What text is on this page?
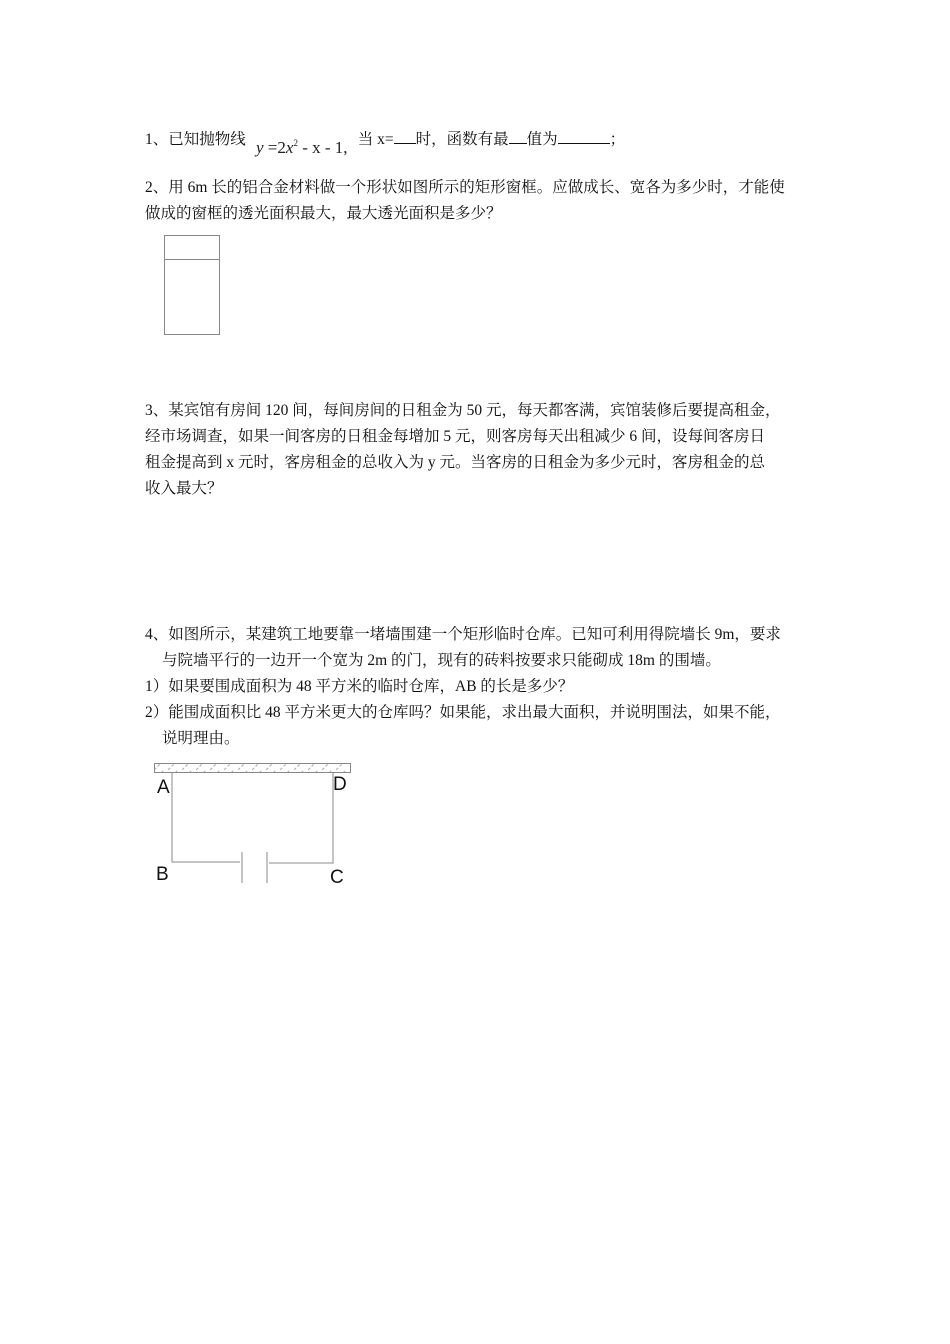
1、已知抛物线	当 x= 时，函数有最 值为	；
$y =2x^2 - x - 1$,
2、用 6m 长的铝合金材料做一个形状如图所示的矩形窗框。应做成长、宽各为多少时，才能使
做成的窗框的透光面积最大，最大透光面积是多少？
3、某宾馆有房间 120 间，每间房间的日租金为 50 元，每天都客满，宾馆装修后要提高租金，
经市场调查，如果一间客房的日租金每增加 5 元，则客房每天出租减少 6 间，设每间客房日
租金提高到 x 元时，客房租金的总收入为 y 元。当客房的日租金为多少元时，客房租金的总
收入最大？
4、如图所示，某建筑工地要靠一堵墙围建一个矩形临时仓库。已知可利用得院墙长 9m，要求
与院墙平行的一边开一个宽为 2m 的门，现有的砖料按要求只能砌成 18m 的围墙。
1）如果要围成面积为 48 平方米的临时仓库，AB 的长是多少？
2）能围成面积比 48 平方米更大的仓库吗？如果能，求出最大面积，并说明围法，如果不能，
说明理由。
A	D
B	C
